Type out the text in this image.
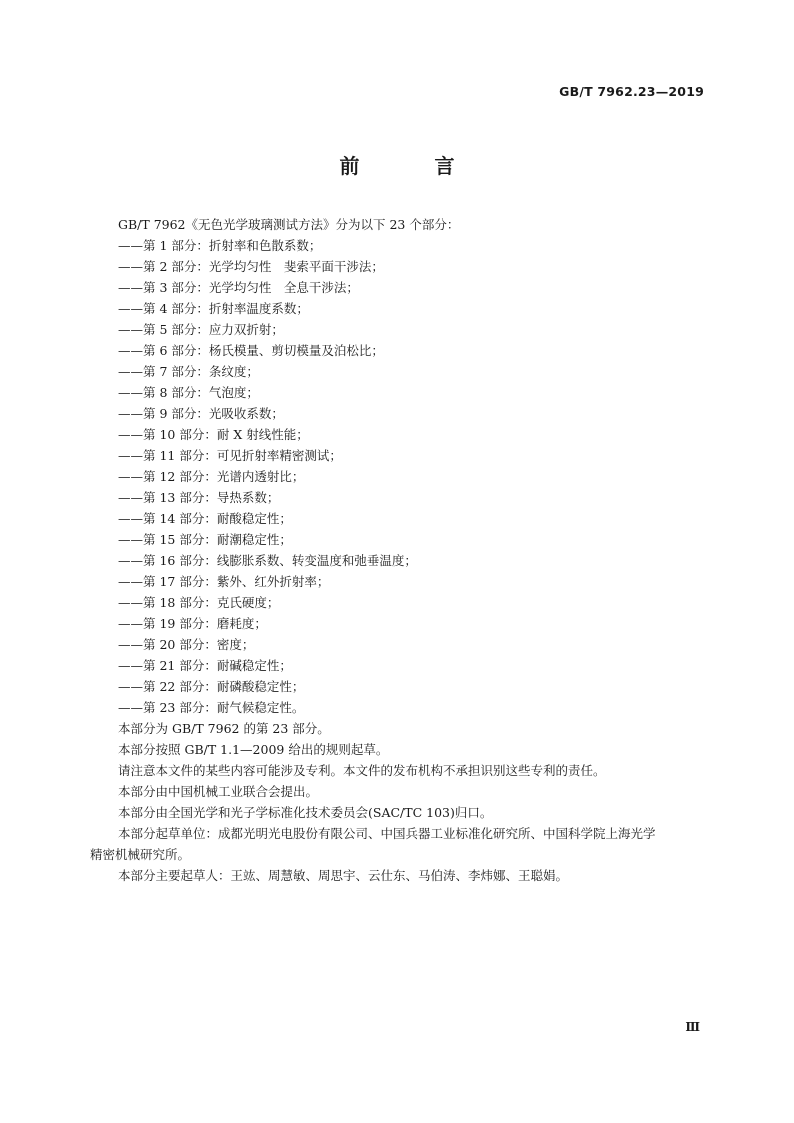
GB/T 7962.23—2019
前 言

GB/T 7962《无色光学玻璃测试方法》分为以下 23 个部分：

——第 1 部分：折射率和色散系数；
——第 2 部分：光学均匀性　斐索平面干涉法；
——第 3 部分：光学均匀性　全息干涉法；
——第 4 部分：折射率温度系数；
——第 5 部分：应力双折射；
——第 6 部分：杨氏模量、剪切模量及泊松比；
——第 7 部分：条纹度；
——第 8 部分：气泡度；
——第 9 部分：光吸收系数；
——第 10 部分：耐 X 射线性能；
——第 11 部分：可见折射率精密测试；
——第 12 部分：光谱内透射比；
——第 13 部分：导热系数；
——第 14 部分：耐酸稳定性；
——第 15 部分：耐潮稳定性；
——第 16 部分：线膨胀系数、转变温度和弛垂温度；
——第 17 部分：紫外、红外折射率；
——第 18 部分：克氏硬度；
——第 19 部分：磨耗度；
——第 20 部分：密度；
——第 21 部分：耐碱稳定性；
——第 22 部分：耐磷酸稳定性；
——第 23 部分：耐气候稳定性。

本部分为 GB/T 7962 的第 23 部分。

本部分按照 GB/T 1.1—2009 给出的规则起草。

请注意本文件的某些内容可能涉及专利。本文件的发布机构不承担识别这些专利的责任。

本部分由中国机械工业联合会提出。

本部分由全国光学和光子学标准化技术委员会(SAC/TC 103)归口。

本部分起草单位：成都光明光电股份有限公司、中国兵器工业标准化研究所、中国科学院上海光学

精密机械研究所。

本部分主要起草人：王竑、周慧敏、周思宇、云仕东、马伯涛、李炜娜、王聪娟。

Ⅲ
